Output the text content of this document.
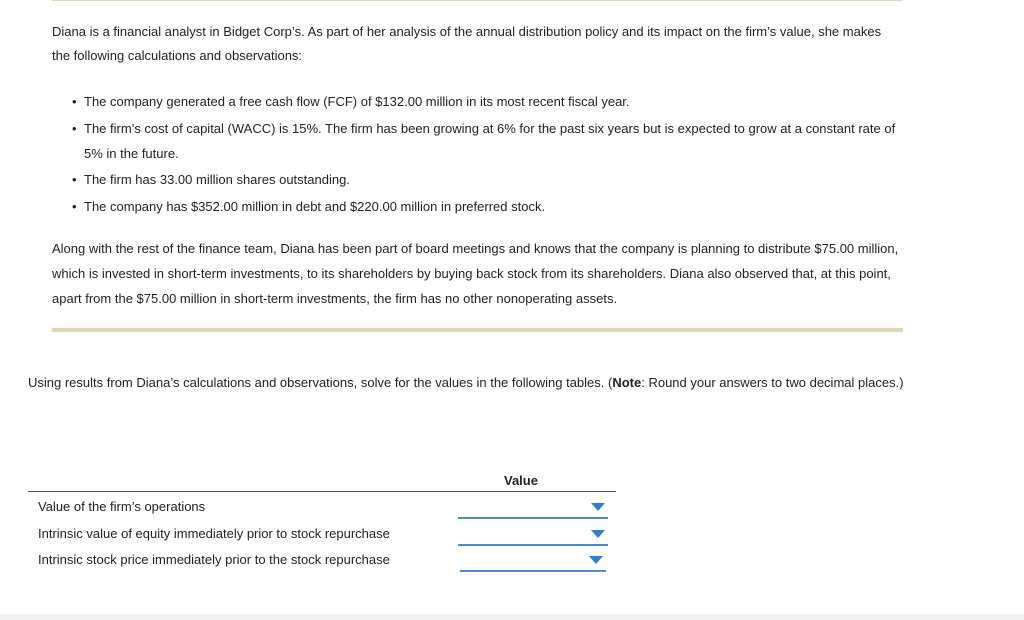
Diana is a financial analyst in Bidget Corp’s. As part of her analysis of the annual distribution policy and its impact on the firm’s value, she makes the following calculations and observations:

• The company generated a free cash flow (FCF) of $132.00 million in its most recent fiscal year.
• The firm’s cost of capital (WACC) is 15%. The firm has been growing at 6% for the past six years but is expected to grow at a constant rate of 5% in the future.
• The firm has 33.00 million shares outstanding.
• The company has $352.00 million in debt and $220.00 million in preferred stock.

Along with the rest of the finance team, Diana has been part of board meetings and knows that the company is planning to distribute $75.00 million, which is invested in short-term investments, to its shareholders by buying back stock from its shareholders. Diana also observed that, at this point, apart from the $75.00 million in short-term investments, the firm has no other nonoperating assets.

Using results from Diana’s calculations and observations, solve for the values in the following tables. (Note: Round your answers to two decimal places.)

Value
Value of the firm’s operations
Intrinsic value of equity immediately prior to stock repurchase
Intrinsic stock price immediately prior to the stock repurchase
